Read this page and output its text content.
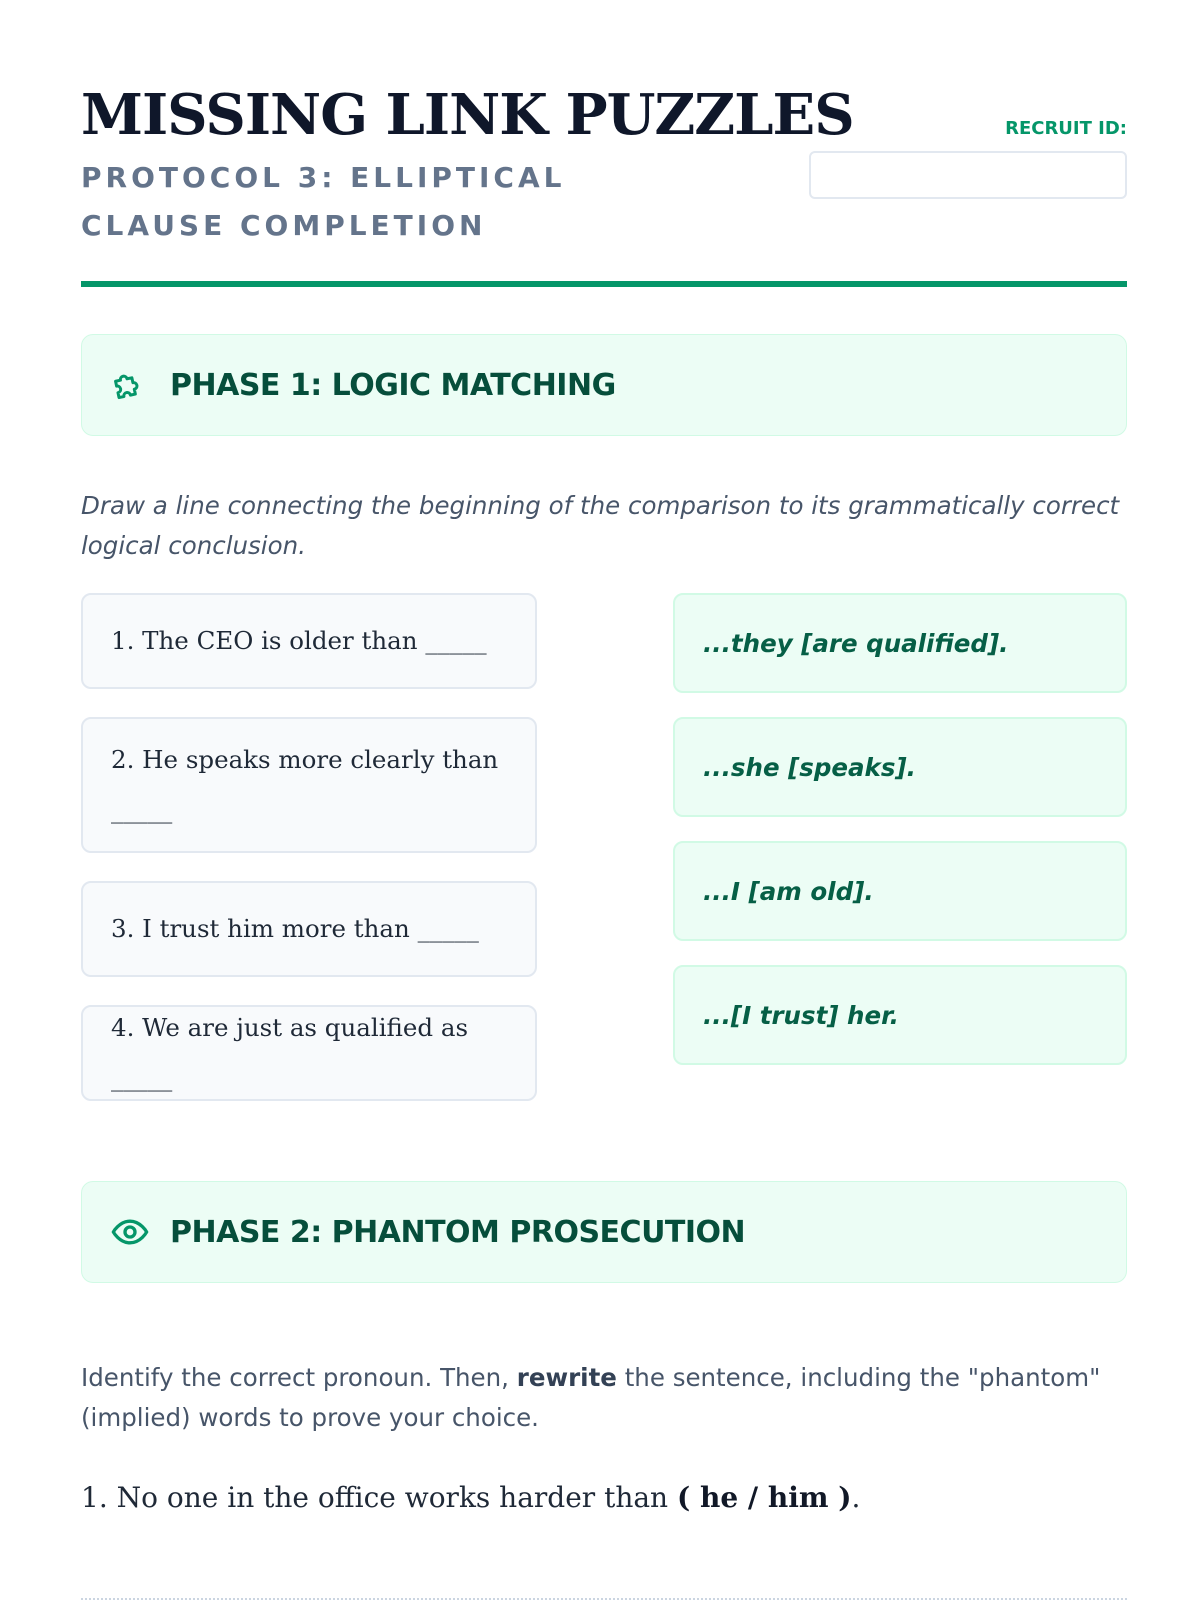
MISSING LINK PUZZLES
PROTOCOL 3: ELLIPTICAL CLAUSE COMPLETION
RECRUIT ID:
PHASE 1: LOGIC MATCHING
Draw a line connecting the beginning of the comparison to its grammatically correct logical conclusion.
1. The CEO is older than _____
2. He speaks more clearly than _____
3. I trust him more than _____
4. We are just as qualified as _____
...they [are qualified].
...she [speaks].
...I [am old].
...[I trust] her.
PHASE 2: PHANTOM PROSECUTION
Identify the correct pronoun. Then, rewrite the sentence, including the "phantom" (implied) words to prove your choice.
1. No one in the office works harder than ( he / him ).
